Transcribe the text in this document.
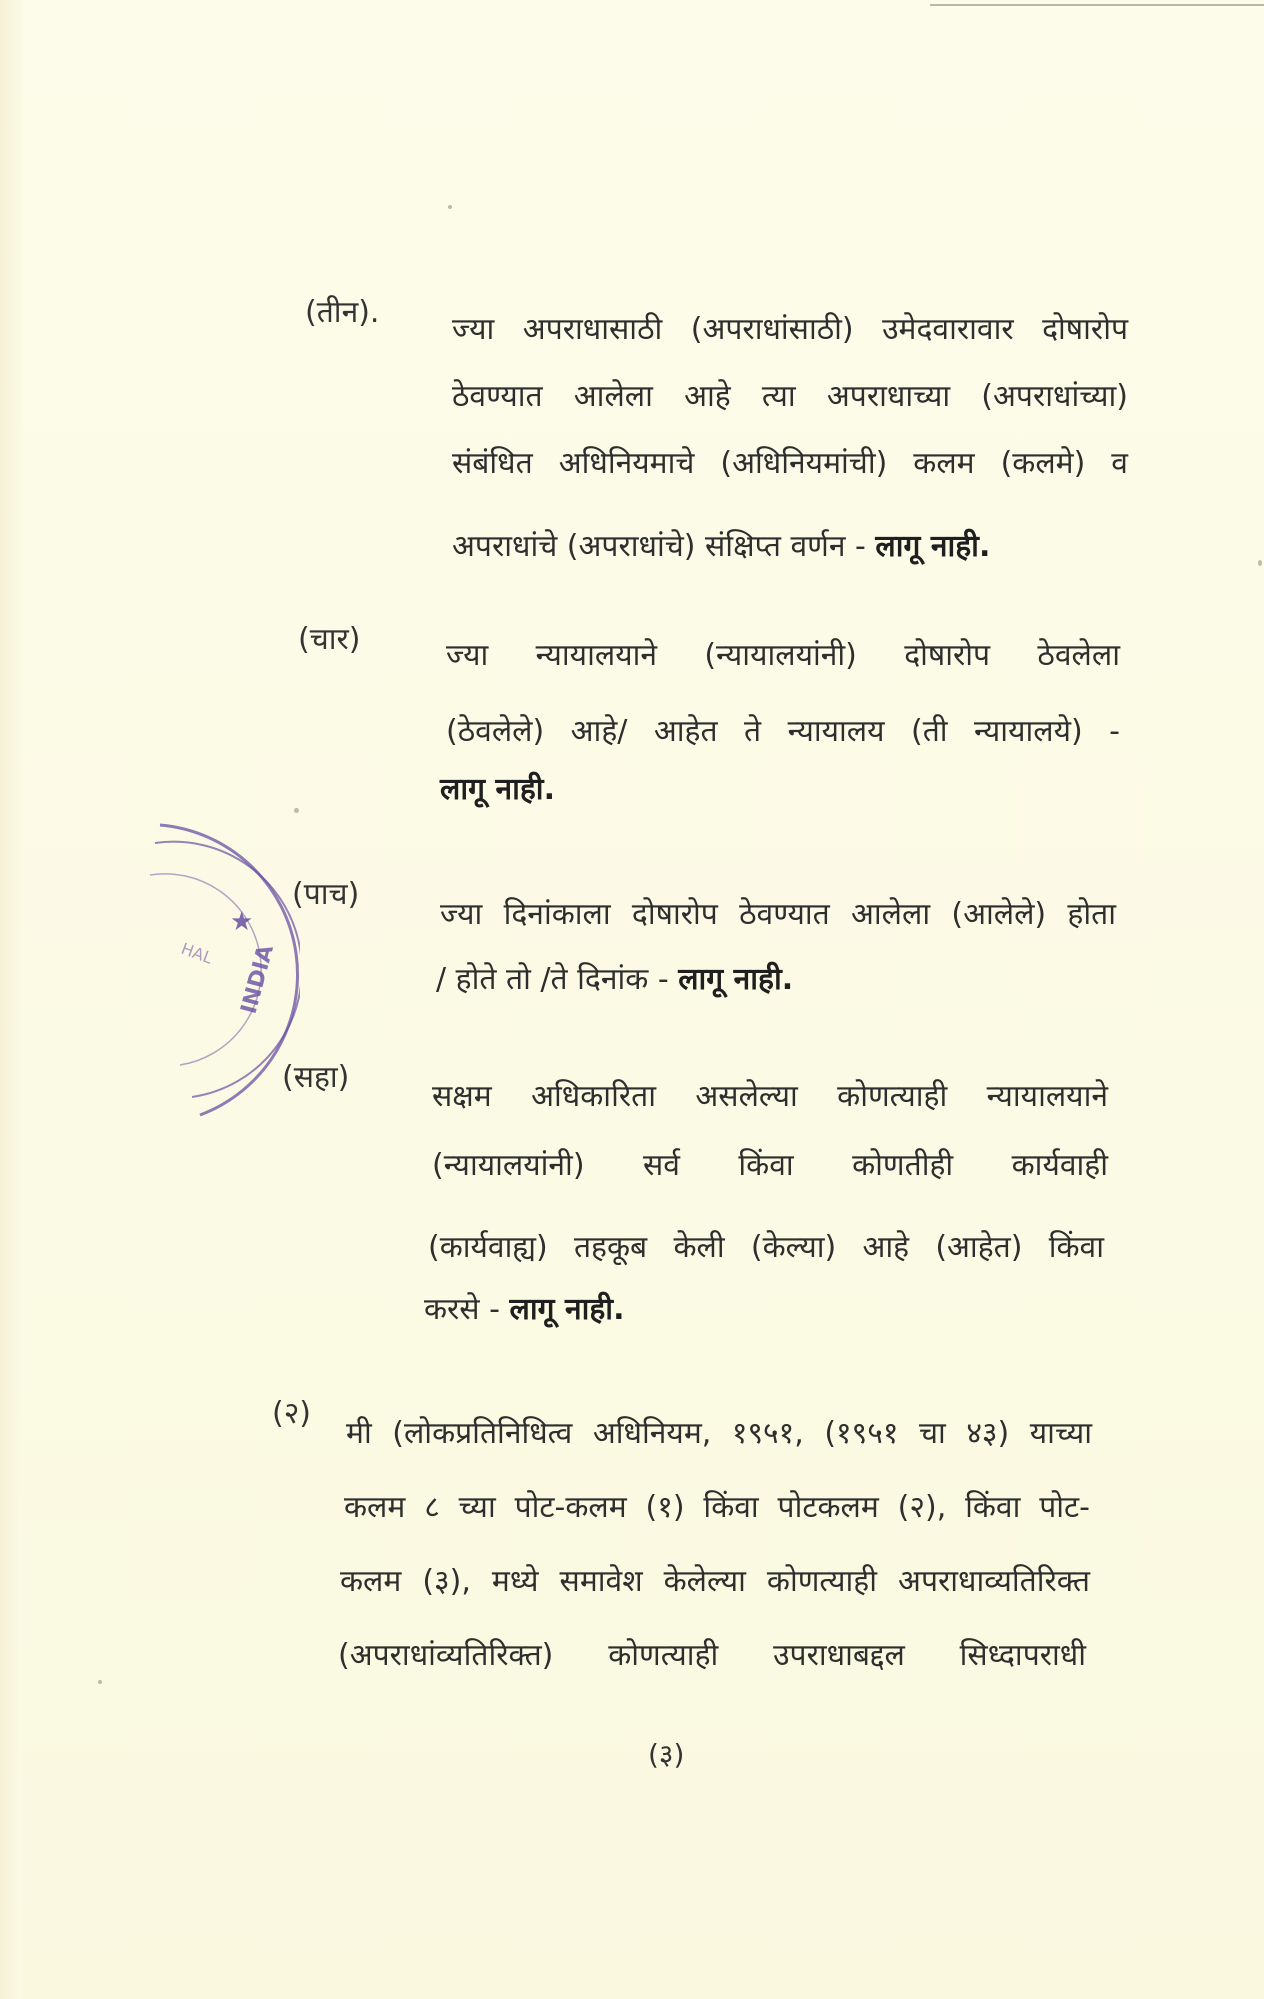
(तीन). ज्या अपराधासाठी (अपराधांसाठी) उमेदवारावार दोषारोप
ठेवण्यात आलेला आहे त्या अपराधाच्या (अपराधांच्या)
संबंधित अधिनियमाचे (अधिनियमांची) कलम (कलमे) व
अपराधांचे (अपराधांचे) संक्षिप्त वर्णन - लागू नाही.
(चार)	ज्या न्यायालयाने (न्यायालयांनी) दोषारोप ठेवलेला
(ठेवलेले) आहे/ आहेत ते न्यायालय (ती न्यायालये) -
लागू नाही.
(पाच)
ज्या दिनांकाला दोषारोप ठेवण्यात आलेला (आलेले) होता
/ होते तो /ते दिनांक - लागू नाही.
(सहा)
सक्षम अधिकारिता असलेल्या कोणत्याही न्यायालयाने
(न्यायालयांनी) सर्व किंवा कोणतीही कार्यवाही
(कार्यवाह्य) तहकूब केली (केल्या) आहे (आहेत) किंवा
करसे - लागू नाही.
(२)
मी (लोकप्रतिनिधित्व अधिनियम, १९५१, (१९५१ चा ४३) याच्या
कलम ८ च्या पोट-कलम (१) किंवा पोटकलम (२), किंवा पोट-
कलम (३), मध्ये समावेश केलेल्या कोणत्याही अपराधाव्यतिरिक्त
(अपराधांव्यतिरिक्त) कोणत्याही उपराधाबद्दल सिध्दापराधी
(३)
★
HAL INDIA
